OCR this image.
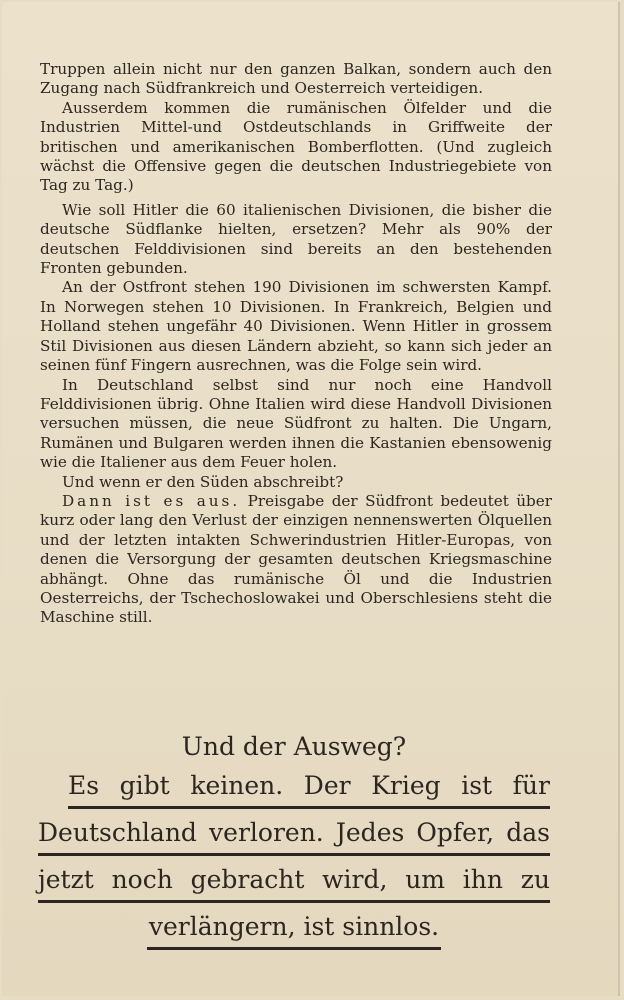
Truppen allein nicht nur den ganzen Balkan, sondern auch den Zugang nach Südfrankreich und Oesterreich verteidigen.

Ausserdem kommen die rumänischen Ölfelder und die Industrien Mittel-und Ostdeutschlands in Griffweite der britischen und amerikanischen Bomberflotten. (Und zugleich wächst die Offensive gegen die deutschen Industriegebiete von Tag zu Tag.)

Wie soll Hitler die 60 italienischen Divisionen, die bisher die deutsche Südflanke hielten, ersetzen? Mehr als 90% der deutschen Felddivisionen sind bereits an den bestehenden Fronten gebunden.

An der Ostfront stehen 190 Divisionen im schwersten Kampf. In Norwegen stehen 10 Divisionen. In Frankreich, Belgien und Holland stehen ungefähr 40 Divisionen. Wenn Hitler in grossem Stil Divisionen aus diesen Ländern abzieht, so kann sich jeder an seinen fünf Fingern ausrechnen, was die Folge sein wird.

In Deutschland selbst sind nur noch eine Handvoll Felddivisionen übrig. Ohne Italien wird diese Handvoll Divisionen versuchen müssen, die neue Südfront zu halten. Die Ungarn, Rumänen und Bulgaren werden ihnen die Kastanien ebensowenig wie die Italiener aus dem Feuer holen.

Und wenn er den Süden abschreibt?

Dann ist es aus. Preisgabe der Südfront bedeutet über kurz oder lang den Verlust der einzigen nennenswerten Ölquellen und der letzten intakten Schwerindustrien Hitler-Europas, von denen die Versorgung der gesamten deutschen Kriegsmaschine abhängt. Ohne das rumänische Öl und die Industrien Oesterreichs, der Tschechoslowakei und Oberschlesiens steht die Maschine still.

Und der Ausweg?

Es gibt keinen. Der Krieg ist für

Deutschland verloren. Jedes Opfer, das

jetzt noch gebracht wird, um ihn zu

verlängern, ist sinnlos.
